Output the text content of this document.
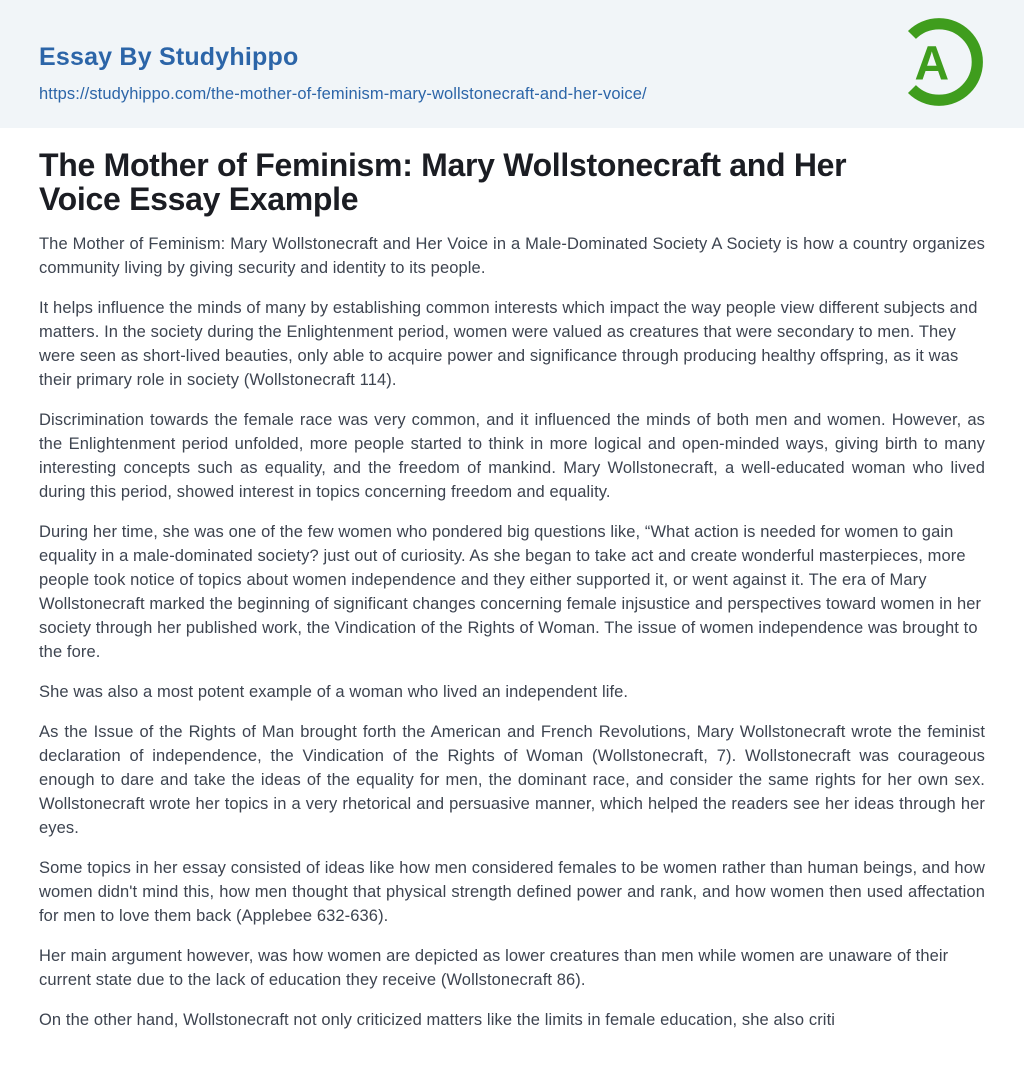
Essay By Studyhippo
https://studyhippo.com/the-mother-of-feminism-mary-wollstonecraft-and-her-voice/
A
The Mother of Feminism: Mary Wollstonecraft and Her Voice Essay Example

The Mother of Feminism: Mary Wollstonecraft and Her Voice in a Male-Dominated Society A Society is how a country organizes community living by giving security and identity to its people.

It helps influence the minds of many by establishing common interests which impact the way people view different subjects and matters. In the society during the Enlightenment period, women were valued as creatures that were secondary to men. They were seen as short-lived beauties, only able to acquire power and significance through producing healthy offspring, as it was their primary role in society (Wollstonecraft 114).

Discrimination towards the female race was very common, and it influenced the minds of both men and women. However, as the Enlightenment period unfolded, more people started to think in more logical and open-minded ways, giving birth to many interesting concepts such as equality, and the freedom of mankind. Mary Wollstonecraft, a well-educated woman who lived during this period, showed interest in topics concerning freedom and equality.

During her time, she was one of the few women who pondered big questions like, “What action is needed for women to gain equality in a male-dominated society? just out of curiosity. As she began to take act and create wonderful masterpieces, more people took notice of topics about women independence and they either supported it, or went against it. The era of Mary Wollstonecraft marked the beginning of significant changes concerning female injsustice and perspectives toward women in her society through her published work, the Vindication of the Rights of Woman. The issue of women independence was brought to the fore.

She was also a most potent example of a woman who lived an independent life.

As the Issue of the Rights of Man brought forth the American and French Revolutions, Mary Wollstonecraft wrote the feminist declaration of independence, the Vindication of the Rights of Woman (Wollstonecraft, 7). Wollstonecraft was courageous enough to dare and take the ideas of the equality for men, the dominant race, and consider the same rights for her own sex. Wollstonecraft wrote her topics in a very rhetorical and persuasive manner, which helped the readers see her ideas through her eyes.

Some topics in her essay consisted of ideas like how men considered females to be women rather than human beings, and how women didn't mind this, how men thought that physical strength defined power and rank, and how women then used affectation for men to love them back (Applebee 632-636).

Her main argument however, was how women are depicted as lower creatures than men while women are unaware of their current state due to the lack of education they receive (Wollstonecraft 86).

On the other hand, Wollstonecraft not only criticized matters like the limits in female education, she also criti
